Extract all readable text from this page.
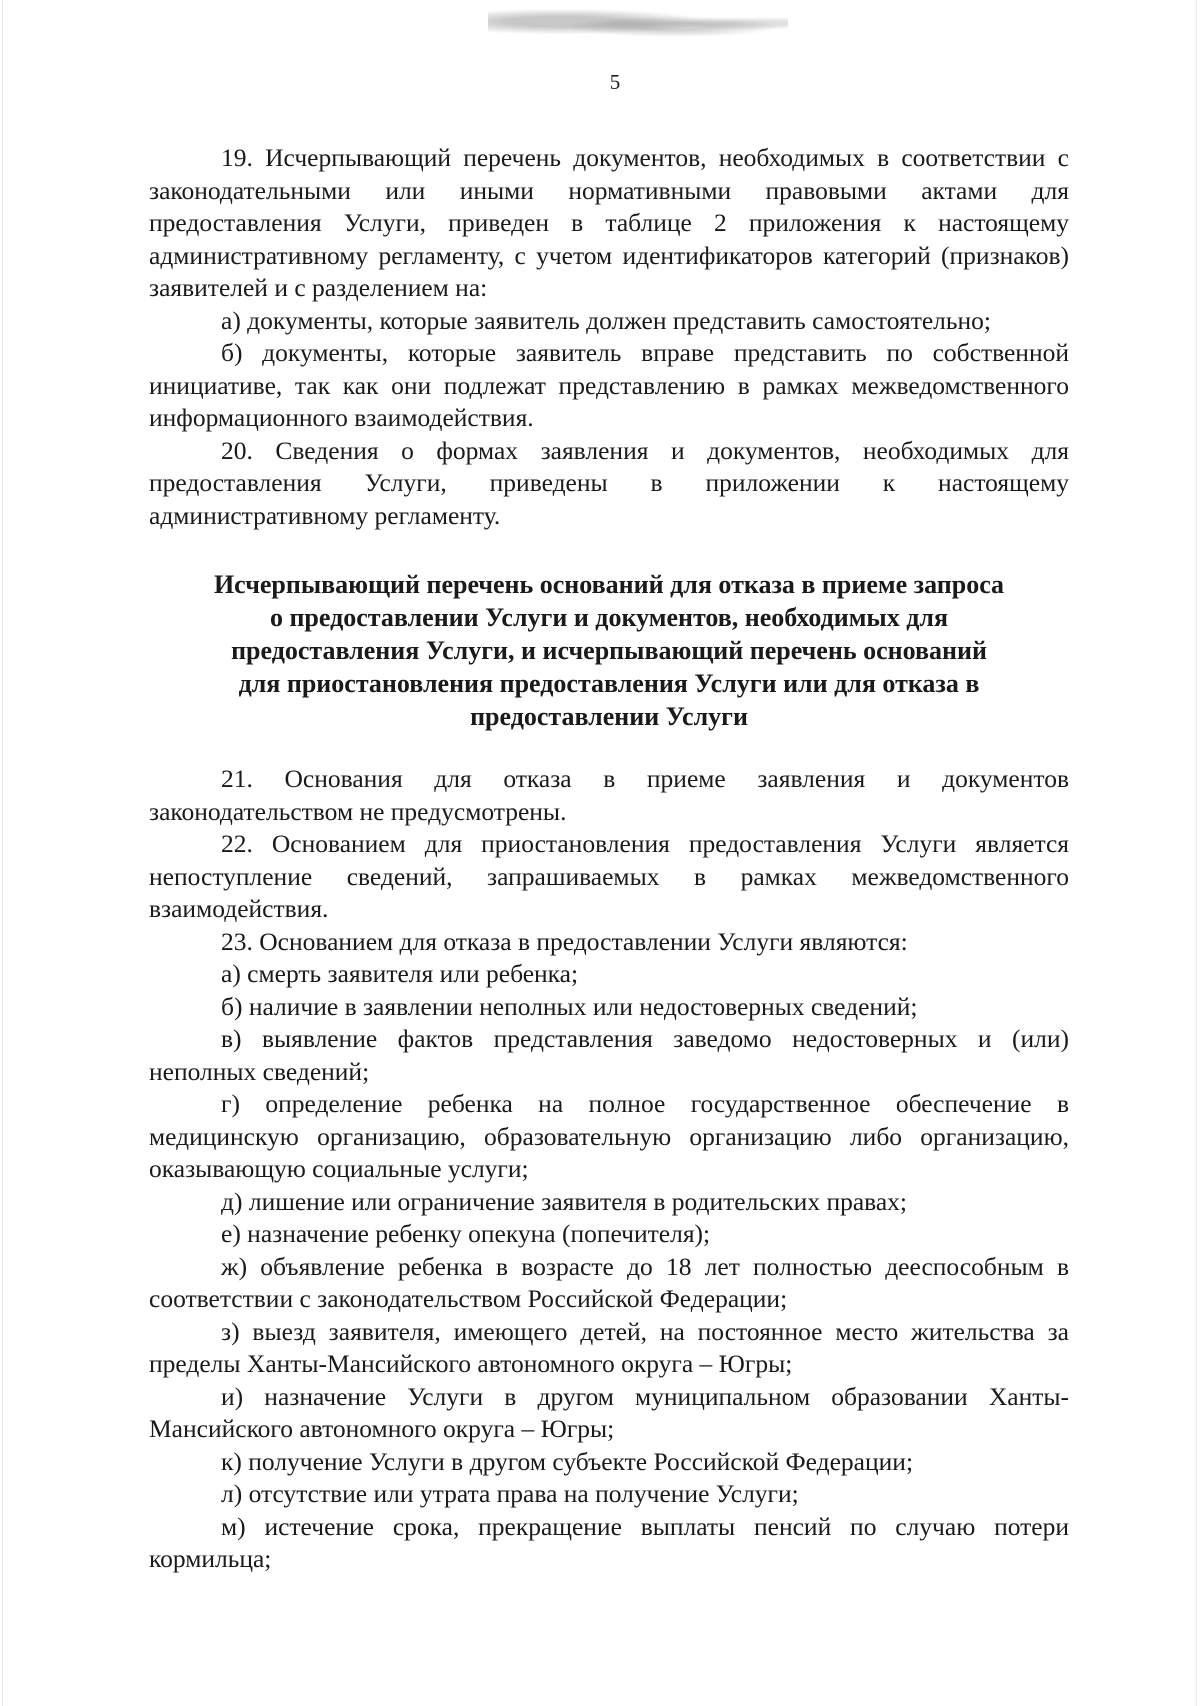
5

19. Исчерпывающий перечень документов, необходимых в соответствии с законодательными или иными нормативными правовыми актами для предоставления Услуги, приведен в таблице 2 приложения к настоящему административному регламенту, с учетом идентификаторов категорий (признаков) заявителей и с разделением на:

а) документы, которые заявитель должен представить самостоятельно;

б) документы, которые заявитель вправе представить по собственной инициативе, так как они подлежат представлению в рамках межведомственного информационного взаимодействия.

20. Сведения о формах заявления и документов, необходимых для предоставления Услуги, приведены в приложении к настоящему административному регламенту.

Исчерпывающий перечень оснований для отказа в приеме запроса о предоставлении Услуги и документов, необходимых для предоставления Услуги, и исчерпывающий перечень оснований для приостановления предоставления Услуги или для отказа в предоставлении Услуги

21. Основания для отказа в приеме заявления и документов законодательством не предусмотрены.

22. Основанием для приостановления предоставления Услуги является непоступление сведений, запрашиваемых в рамках межведомственного взаимодействия.

23. Основанием для отказа в предоставлении Услуги являются:

а) смерть заявителя или ребенка;

б) наличие в заявлении неполных или недостоверных сведений;

в) выявление фактов представления заведомо недостоверных и (или) неполных сведений;

г) определение ребенка на полное государственное обеспечение в медицинскую организацию, образовательную организацию либо организацию, оказывающую социальные услуги;

д) лишение или ограничение заявителя в родительских правах;

е) назначение ребенку опекуна (попечителя);

ж) объявление ребенка в возрасте до 18 лет полностью дееспособным в соответствии с законодательством Российской Федерации;

з) выезд заявителя, имеющего детей, на постоянное место жительства за пределы Ханты-Мансийского автономного округа – Югры;

и) назначение Услуги в другом муниципальном образовании Ханты-Мансийского автономного округа – Югры;

к) получение Услуги в другом субъекте Российской Федерации;

л) отсутствие или утрата права на получение Услуги;

м) истечение срока, прекращение выплаты пенсий по случаю потери кормильца;
